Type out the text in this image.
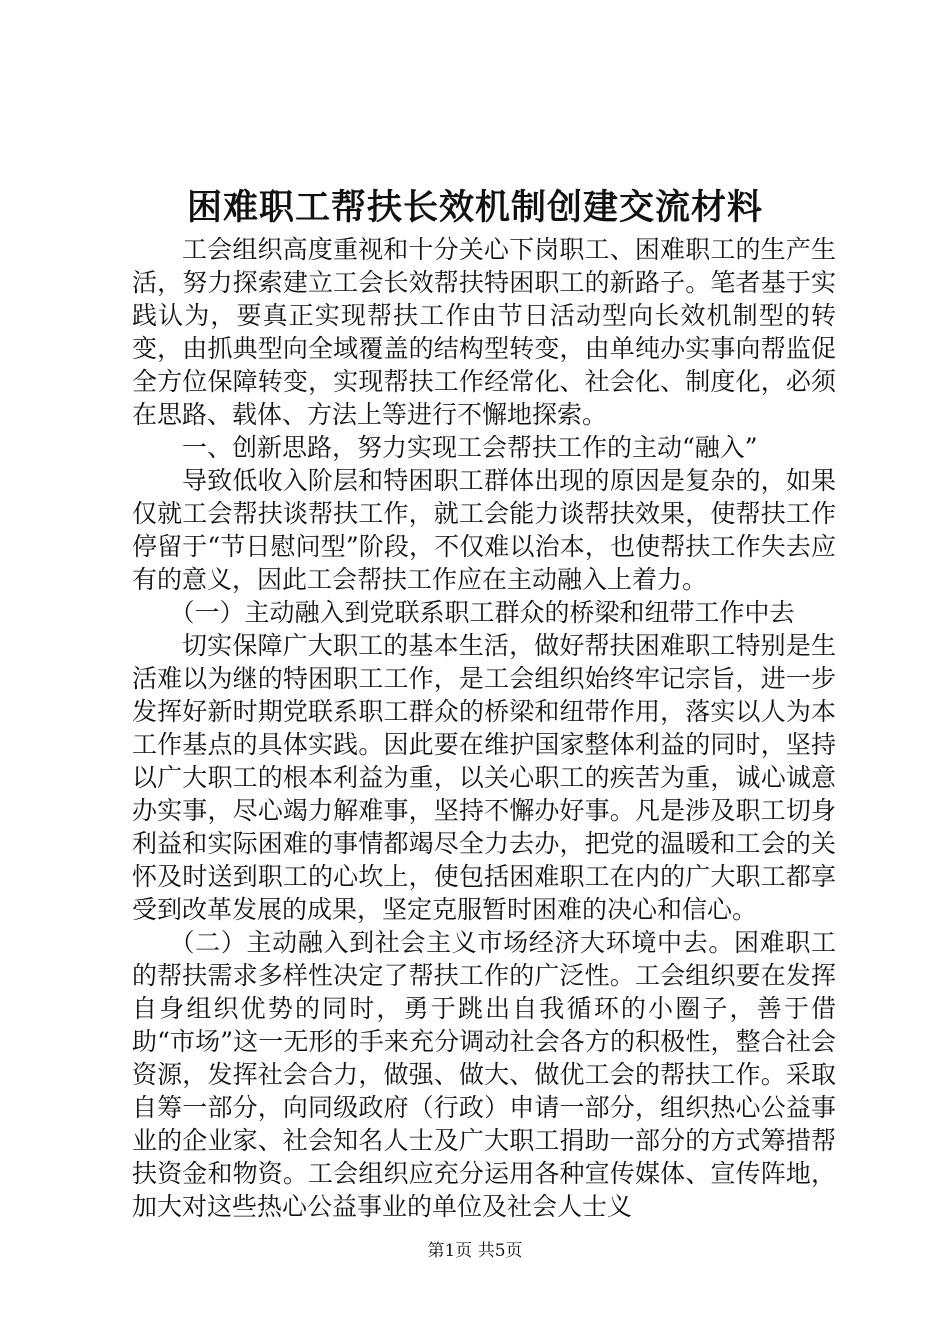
困难职工帮扶长效机制创建交流材料

工会组织高度重视和十分关心下岗职工、困难职工的生产生活，努力探索建立工会长效帮扶特困职工的新路子。笔者基于实践认为，要真正实现帮扶工作由节日活动型向长效机制型的转变，由抓典型向全域覆盖的结构型转变，由单纯办实事向帮监促全方位保障转变，实现帮扶工作经常化、社会化、制度化，必须在思路、载体、方法上等进行不懈地探索。

一、创新思路，努力实现工会帮扶工作的主动“融入”

导致低收入阶层和特困职工群体出现的原因是复杂的，如果仅就工会帮扶谈帮扶工作，就工会能力谈帮扶效果，使帮扶工作停留于“节日慰问型”阶段，不仅难以治本，也使帮扶工作失去应有的意义，因此工会帮扶工作应在主动融入上着力。

（一）主动融入到党联系职工群众的桥梁和纽带工作中去

切实保障广大职工的基本生活，做好帮扶困难职工特别是生活难以为继的特困职工工作，是工会组织始终牢记宗旨，进一步发挥好新时期党联系职工群众的桥梁和纽带作用，落实以人为本工作基点的具体实践。因此要在维护国家整体利益的同时，坚持以广大职工的根本利益为重，以关心职工的疾苦为重，诚心诚意办实事，尽心竭力解难事，坚持不懈办好事。凡是涉及职工切身利益和实际困难的事情都竭尽全力去办，把党的温暖和工会的关怀及时送到职工的心坎上，使包括困难职工在内的广大职工都享受到改革发展的成果，坚定克服暂时困难的决心和信心。

（二）主动融入到社会主义市场经济大环境中去。困难职工的帮扶需求多样性决定了帮扶工作的广泛性。工会组织要在发挥自身组织优势的同时，勇于跳出自我循环的小圈子，善于借助“市场”这一无形的手来充分调动社会各方的积极性，整合社会资源，发挥社会合力，做强、做大、做优工会的帮扶工作。采取自筹一部分，向同级政府（行政）申请一部分，组织热心公益事业的企业家、社会知名人士及广大职工捐助一部分的方式筹措帮扶资金和物资。工会组织应充分运用各种宣传媒体、宣传阵地，加大对这些热心公益事业的单位及社会人士义

第1页 共5页
